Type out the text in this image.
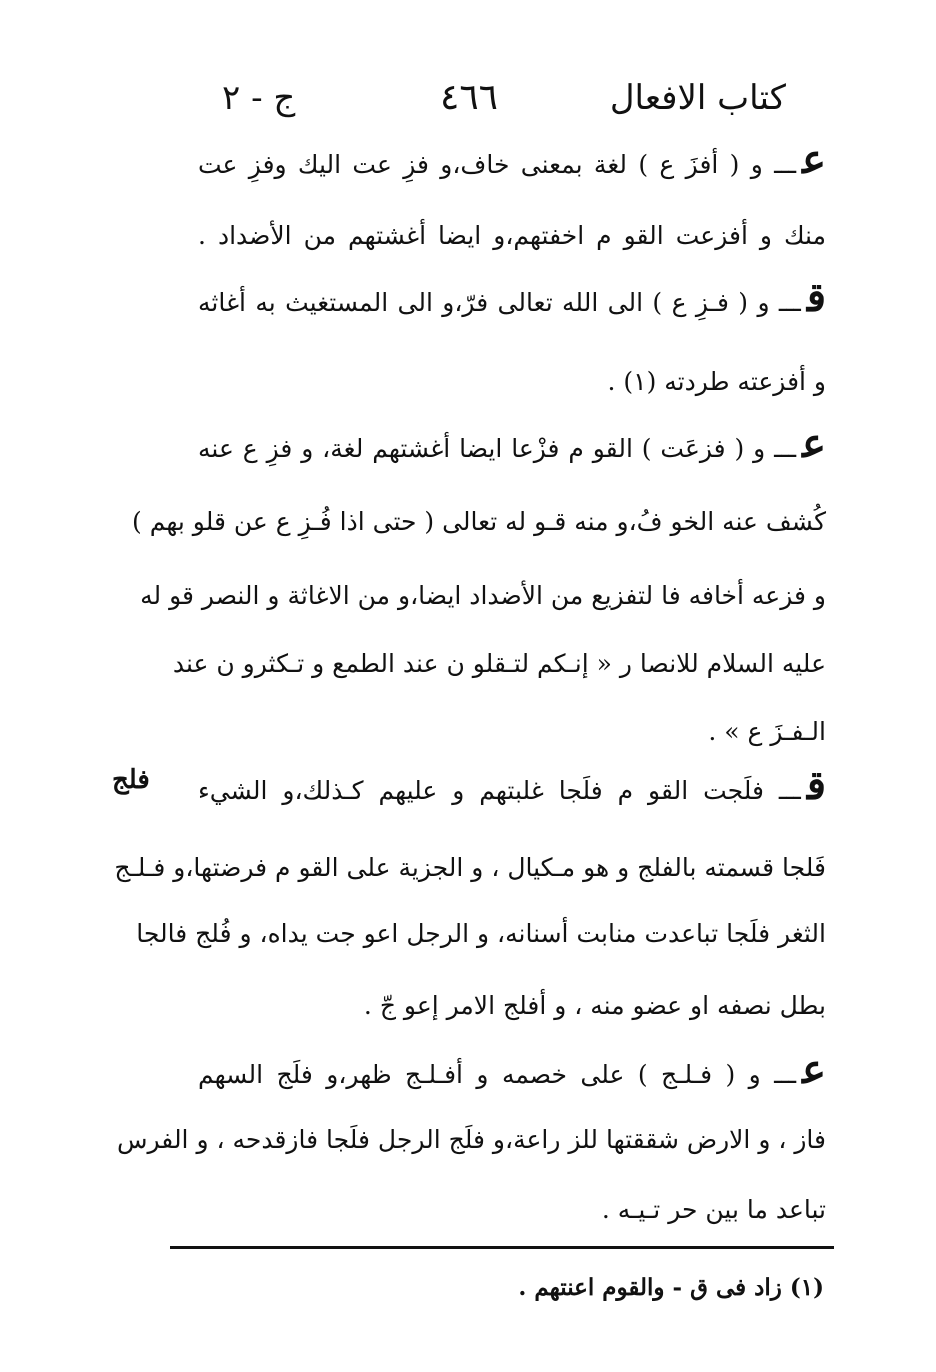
كتاب الافعال
٤٦٦
ج - ٢
فلج
عـــ و ( أفزَ ع ) لغة بمعنى خاف،و فزِ عت اليك وفزِ عت
منك و أفزعت القو م اخفتهم،و ايضا أغشتهم من الأضداد .
قـــ و ( فـزِ ع ) الى الله تعالى فرّ،و الى المستغيث به أغاثه
و أفزعته طردته (١) .
عـــ و ( فزعَت ) القو م فزْعا ايضا أغشتهم لغة، و فزِ ع عنه
كُشف عنه الخو فُ،و منه قـو له تعالى ( حتى اذا فُـزِ ع عن قلو بهم )
و فزعه أخافه فا لتفزيع من الأضداد ايضا،و من الاغاثة و النصر قو له
عليه السلام للانصا ر « إنـكم لتـقلو ن عند الطمع و تـكثرو ن عند
الـفـزَ ع » .
قـــ فلَجت القو م فلَجا غلبتهم و عليهم كـذلك،و الشيء
فَلجا قسمته بالفلج و هو مـكيال ، و الجزية على القو م فرضتها،و فـلـج
الثغر فلَجا تباعدت منابت أسنانه، و الرجل اعو جت يداه، و فُلج فالجا
بطل نصفه او عضو منه ، و أفلج الامر إعو جّ .
عـــ و ( فـلـج ) على خصمه و أفـلـج ظهر،و فلَج السهم
فاز ، و الارض شققتها للز راعة،و فلَج الرجل فلَجا فازقدحه ، و الفرس
تباعد ما بين حر تـيـه .
(١) زاد فى ق - والقوم اعنتهم .
